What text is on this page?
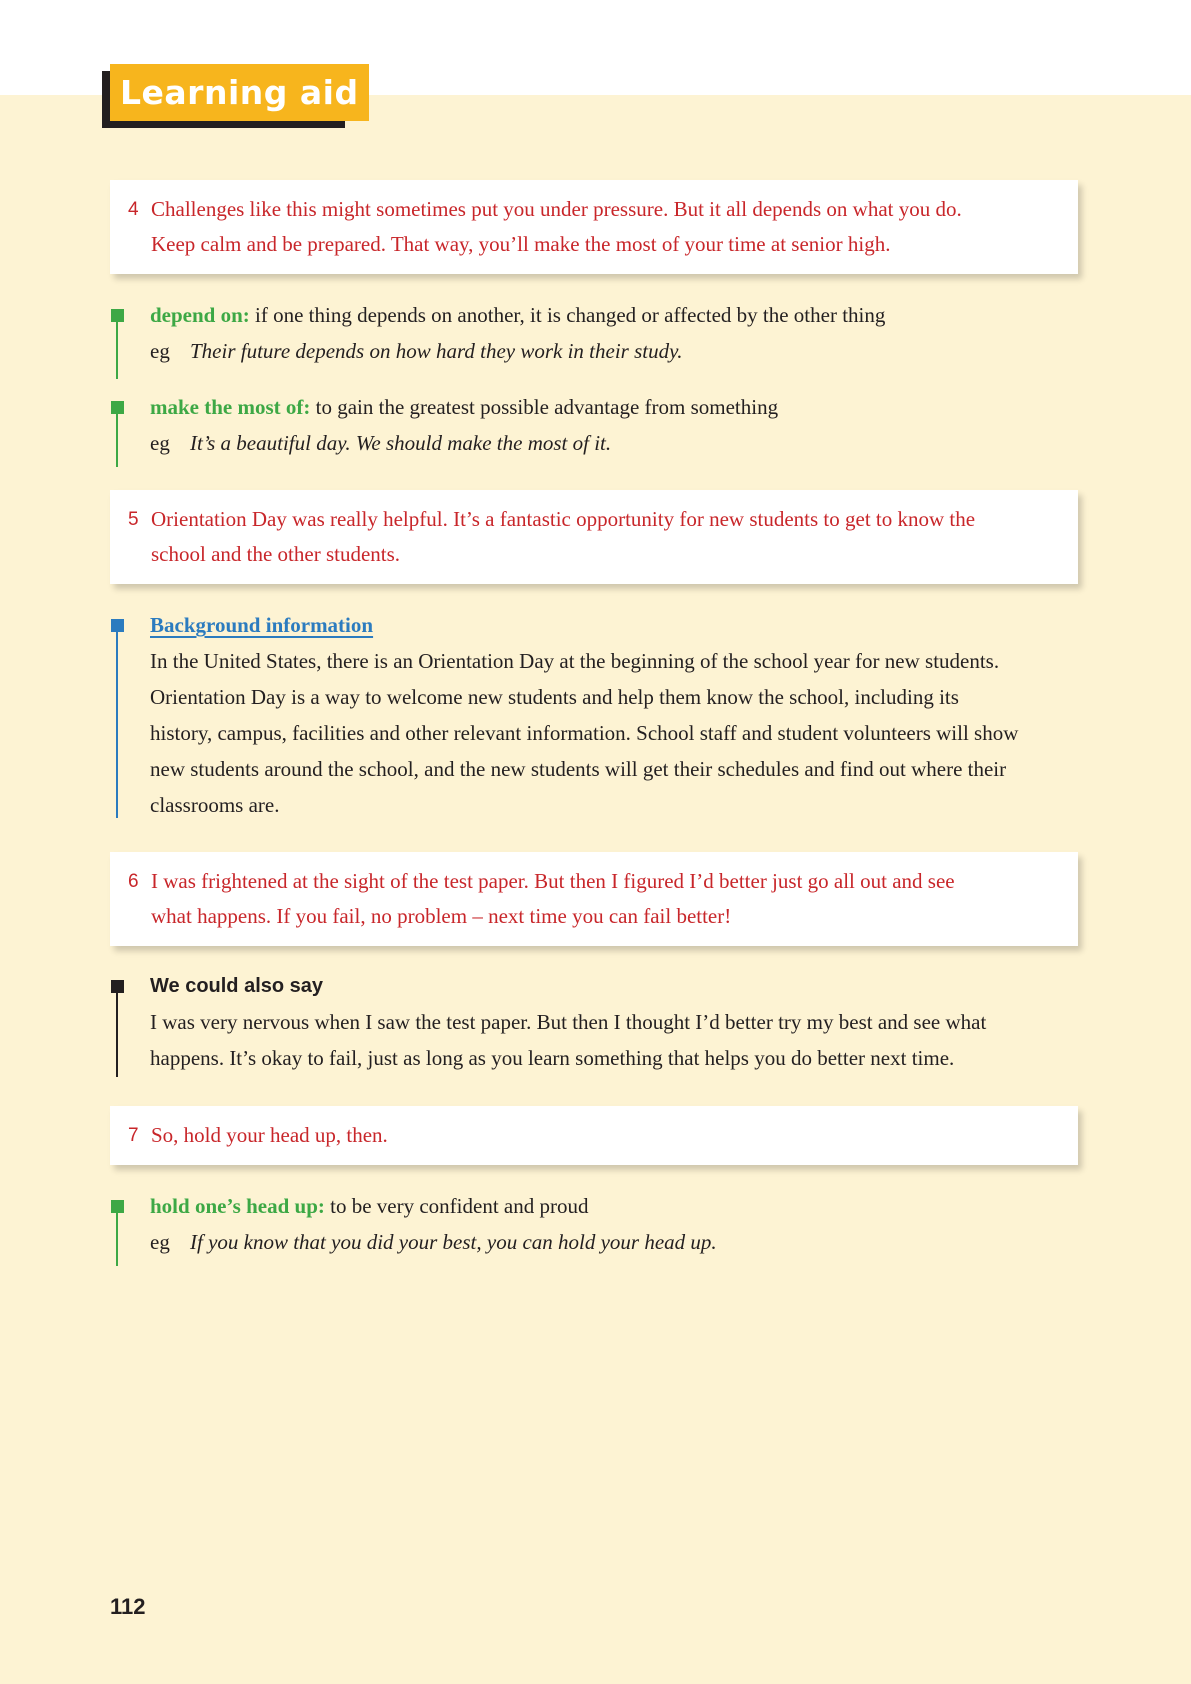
Learning aid
4 Challenges like this might sometimes put you under pressure. But it all depends on what you do.
Keep calm and be prepared. That way, you’ll make the most of your time at senior high.
depend on: if one thing depends on another, it is changed or affected by the other thing
eg Their future depends on how hard they work in their study.
make the most of: to gain the greatest possible advantage from something
eg It’s a beautiful day. We should make the most of it.
5 Orientation Day was really helpful. It’s a fantastic opportunity for new students to get to know the
school and the other students.
Background information
In the United States, there is an Orientation Day at the beginning of the school year for new students.
Orientation Day is a way to welcome new students and help them know the school, including its
history, campus, facilities and other relevant information. School staff and student volunteers will show
new students around the school, and the new students will get their schedules and find out where their
classrooms are.
6 I was frightened at the sight of the test paper. But then I figured I’d better just go all out and see
what happens. If you fail, no problem – next time you can fail better!
We could also say
I was very nervous when I saw the test paper. But then I thought I’d better try my best and see what
happens. It’s okay to fail, just as long as you learn something that helps you do better next time.
7 So, hold your head up, then.
hold one’s head up: to be very confident and proud
eg If you know that you did your best, you can hold your head up.
112
